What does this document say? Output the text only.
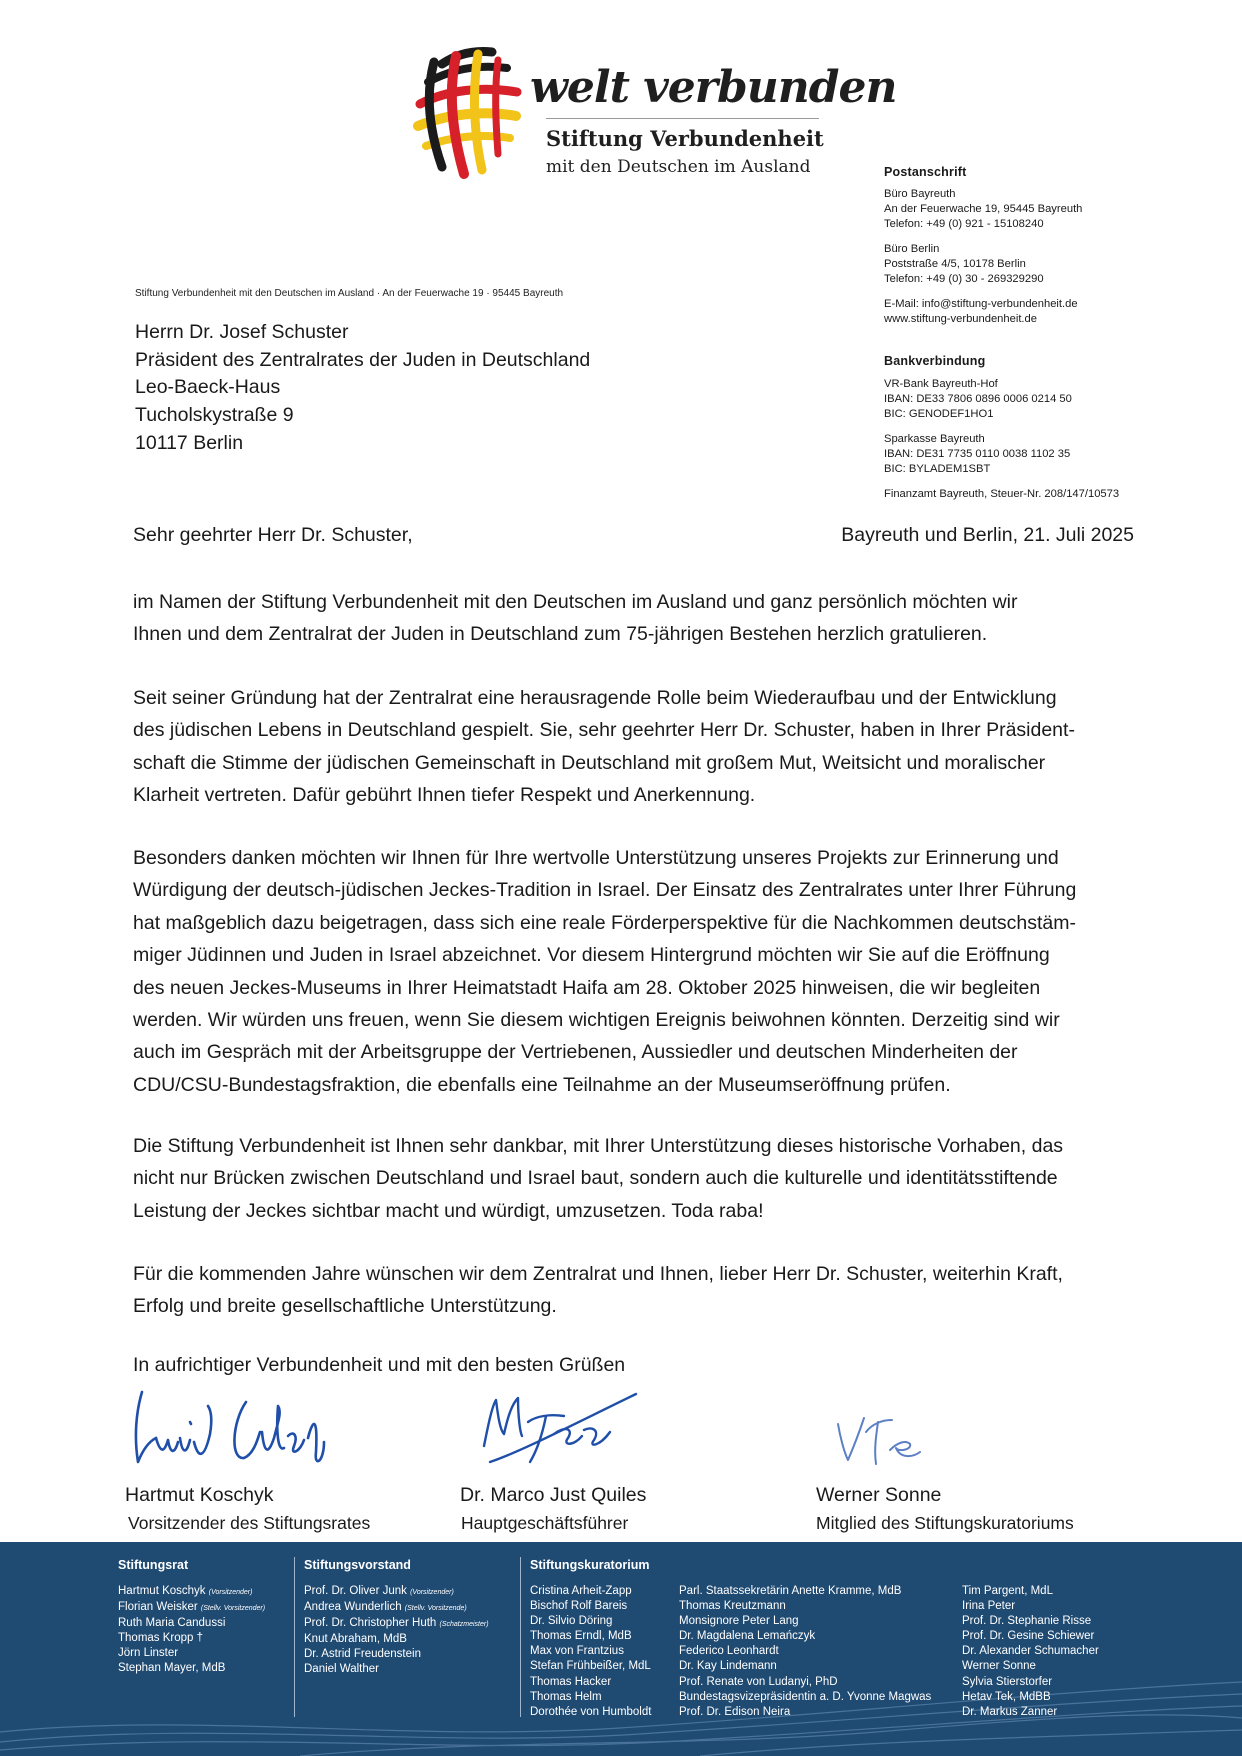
welt verbunden
Stiftung Verbundenheit
mit den Deutschen im Ausland	Postanschrift
Büro Bayreuth
An der Feuerwache 19, 95445 Bayreuth
Telefon: +49 (0) 921 - 15108240
Büro Berlin
Poststraße 4/5, 10178 Berlin
Telefon: +49 (0) 30 - 269329290
E-Mail: info@stiftung-verbundenheit.de
www.stiftung-verbundenheit.de
Bankverbindung
VR-Bank Bayreuth-Hof
IBAN: DE33 7806 0896 0006 0214 50
BIC: GENODEF1HO1
Sparkasse Bayreuth
IBAN: DE31 7735 0110 0038 1102 35
BIC: BYLADEM1SBT
Finanzamt Bayreuth, Steuer-Nr. 208/147/10573
Stiftung Verbundenheit mit den Deutschen im Ausland · An der Feuerwache 19 · 95445 Bayreuth
Herrn Dr. Josef Schuster
Präsident des Zentralrates der Juden in Deutschland
Leo-Baeck-Haus
Tucholskystraße 9
10117 Berlin
Sehr geehrter Herr Dr. Schuster,	Bayreuth und Berlin, 21. Juli 2025
im Namen der Stiftung Verbundenheit mit den Deutschen im Ausland und ganz persönlich möchten wir
Ihnen und dem Zentralrat der Juden in Deutschland zum 75-jährigen Bestehen herzlich gratulieren.
Seit seiner Gründung hat der Zentralrat eine herausragende Rolle beim Wiederaufbau und der Entwicklung
des jüdischen Lebens in Deutschland gespielt. Sie, sehr geehrter Herr Dr. Schuster, haben in Ihrer Präsident-
schaft die Stimme der jüdischen Gemeinschaft in Deutschland mit großem Mut, Weitsicht und moralischer
Klarheit vertreten. Dafür gebührt Ihnen tiefer Respekt und Anerkennung.
Besonders danken möchten wir Ihnen für Ihre wertvolle Unterstützung unseres Projekts zur Erinnerung und
Würdigung der deutsch-jüdischen Jeckes-Tradition in Israel. Der Einsatz des Zentralrates unter Ihrer Führung
hat maßgeblich dazu beigetragen, dass sich eine reale Förderperspektive für die Nachkommen deutschstäm-
miger Jüdinnen und Juden in Israel abzeichnet. Vor diesem Hintergrund möchten wir Sie auf die Eröffnung
des neuen Jeckes-Museums in Ihrer Heimatstadt Haifa am 28. Oktober 2025 hinweisen, die wir begleiten
werden. Wir würden uns freuen, wenn Sie diesem wichtigen Ereignis beiwohnen könnten. Derzeitig sind wir
auch im Gespräch mit der Arbeitsgruppe der Vertriebenen, Aussiedler und deutschen Minderheiten der
CDU/CSU-Bundestagsfraktion, die ebenfalls eine Teilnahme an der Museumseröffnung prüfen.
Die Stiftung Verbundenheit ist Ihnen sehr dankbar, mit Ihrer Unterstützung dieses historische Vorhaben, das
nicht nur Brücken zwischen Deutschland und Israel baut, sondern auch die kulturelle und identitätsstiftende
Leistung der Jeckes sichtbar macht und würdigt, umzusetzen. Toda raba!
Für die kommenden Jahre wünschen wir dem Zentralrat und Ihnen, lieber Herr Dr. Schuster, weiterhin Kraft,
Erfolg und breite gesellschaftliche Unterstützung.
In aufrichtiger Verbundenheit und mit den besten Grüßen
Hartmut Koschyk
Vorsitzender des Stiftungsrates
Dr. Marco Just Quiles
Hauptgeschäftsführer
Werner Sonne
Mitglied des Stiftungskuratoriums
Stiftungsrat
Hartmut Koschyk (Vorsitzender)
Florian Weisker (Stellv. Vorsitzender)
Ruth Maria Candussi
Thomas Kropp †
Jörn Linster
Stephan Mayer, MdB
Stiftungsvorstand
Prof. Dr. Oliver Junk (Vorsitzender)
Andrea Wunderlich (Stellv. Vorsitzende)
Prof. Dr. Christopher Huth (Schatzmeister)
Knut Abraham, MdB
Dr. Astrid Freudenstein
Daniel Walther
Stiftungskuratorium
Cristina Arheit-Zapp
Bischof Rolf Bareis
Dr. Silvio Döring
Thomas Erndl, MdB
Max von Frantzius
Stefan Frühbeißer, MdL
Thomas Hacker
Thomas Helm
Dorothée von Humboldt
Parl. Staatssekretärin Anette Kramme, MdB
Thomas Kreutzmann
Monsignore Peter Lang
Dr. Magdalena Lemańczyk
Federico Leonhardt
Dr. Kay Lindemann
Prof. Renate von Ludanyi, PhD
Bundestagsvizepräsidentin a. D. Yvonne Magwas
Prof. Dr. Edison Neira
Tim Pargent, MdL
Irina Peter
Prof. Dr. Stephanie Risse
Prof. Dr. Gesine Schiewer
Dr. Alexander Schumacher
Werner Sonne
Sylvia Stierstorfer
Hetav Tek, MdBB
Dr. Markus Zanner
